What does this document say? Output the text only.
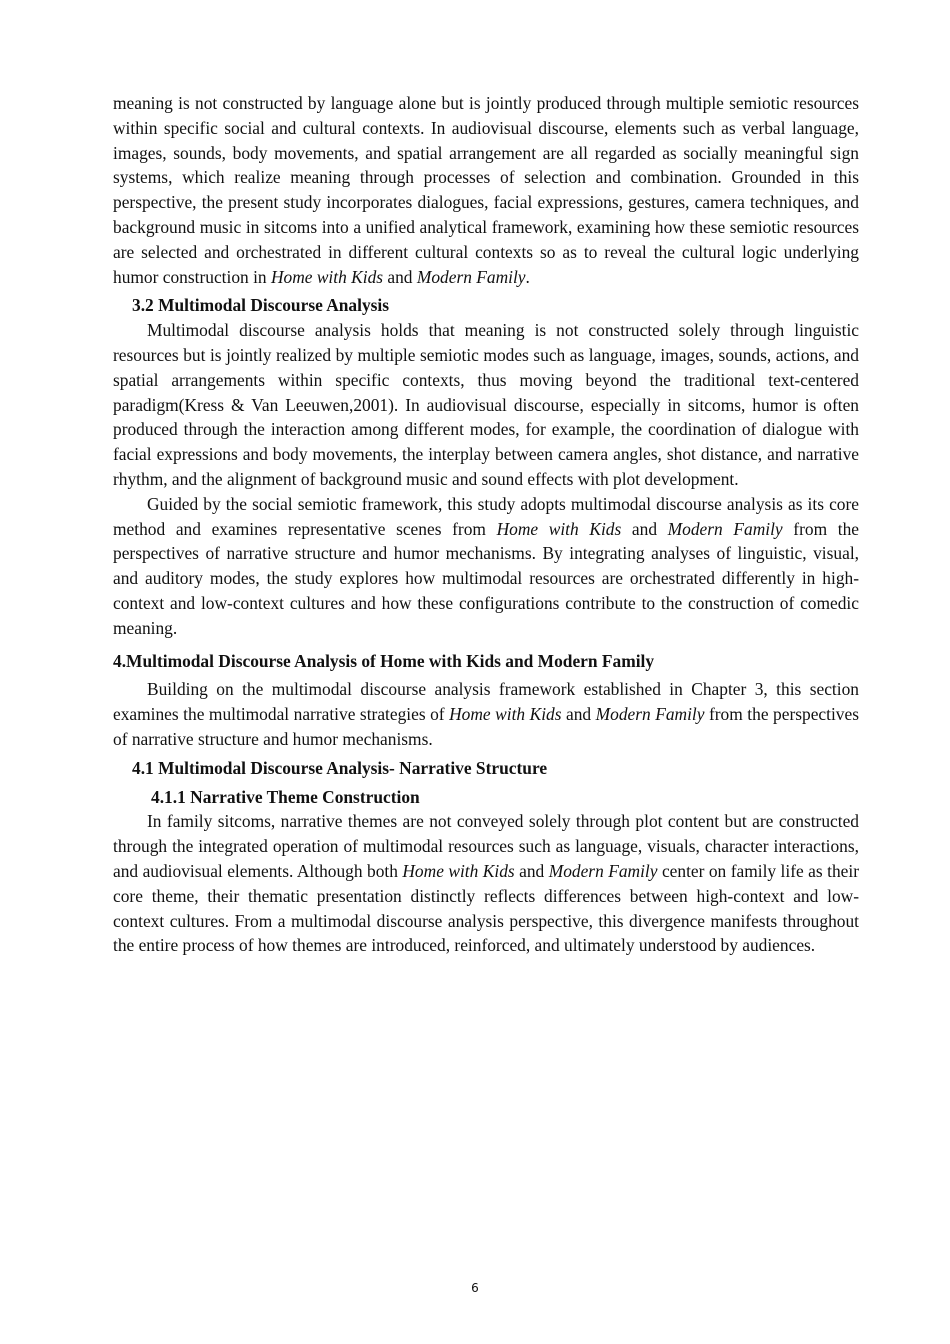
meaning is not constructed by language alone but is jointly produced through multiple semiotic resources within specific social and cultural contexts. In audiovisual discourse, elements such as verbal language, images, sounds, body movements, and spatial arrangement are all regarded as socially meaningful sign systems, which realize meaning through processes of selection and combination. Grounded in this perspective, the present study incorporates dialogues, facial expressions, gestures, camera techniques, and background music in sitcoms into a unified analytical framework, examining how these semiotic resources are selected and orchestrated in different cultural contexts so as to reveal the cultural logic underlying humor construction in Home with Kids and Modern Family.

3.2 Multimodal Discourse Analysis

Multimodal discourse analysis holds that meaning is not constructed solely through linguistic resources but is jointly realized by multiple semiotic modes such as language, images, sounds, actions, and spatial arrangements within specific contexts, thus moving beyond the traditional text-centered paradigm(Kress & Van Leeuwen,2001). In audiovisual discourse, especially in sitcoms, humor is often produced through the interaction among different modes, for example, the coordination of dialogue with facial expressions and body movements, the interplay between camera angles, shot distance, and narrative rhythm, and the alignment of background music and sound effects with plot development.

Guided by the social semiotic framework, this study adopts multimodal discourse analysis as its core method and examines representative scenes from Home with Kids and Modern Family from the perspectives of narrative structure and humor mechanisms. By integrating analyses of linguistic, visual, and auditory modes, the study explores how multimodal resources are orchestrated differently in high-context and low-context cultures and how these configurations contribute to the construction of comedic meaning.

4.Multimodal Discourse Analysis of Home with Kids and Modern Family

Building on the multimodal discourse analysis framework established in Chapter 3, this section examines the multimodal narrative strategies of Home with Kids and Modern Family from the perspectives of narrative structure and humor mechanisms.

4.1 Multimodal Discourse Analysis- Narrative Structure
4.1.1 Narrative Theme Construction

In family sitcoms, narrative themes are not conveyed solely through plot content but are constructed through the integrated operation of multimodal resources such as language, visuals, character interactions, and audiovisual elements. Although both Home with Kids and Modern Family center on family life as their core theme, their thematic presentation distinctly reflects differences between high-context and low-context cultures. From a multimodal discourse analysis perspective, this divergence manifests throughout the entire process of how themes are introduced, reinforced, and ultimately understood by audiences.

6
